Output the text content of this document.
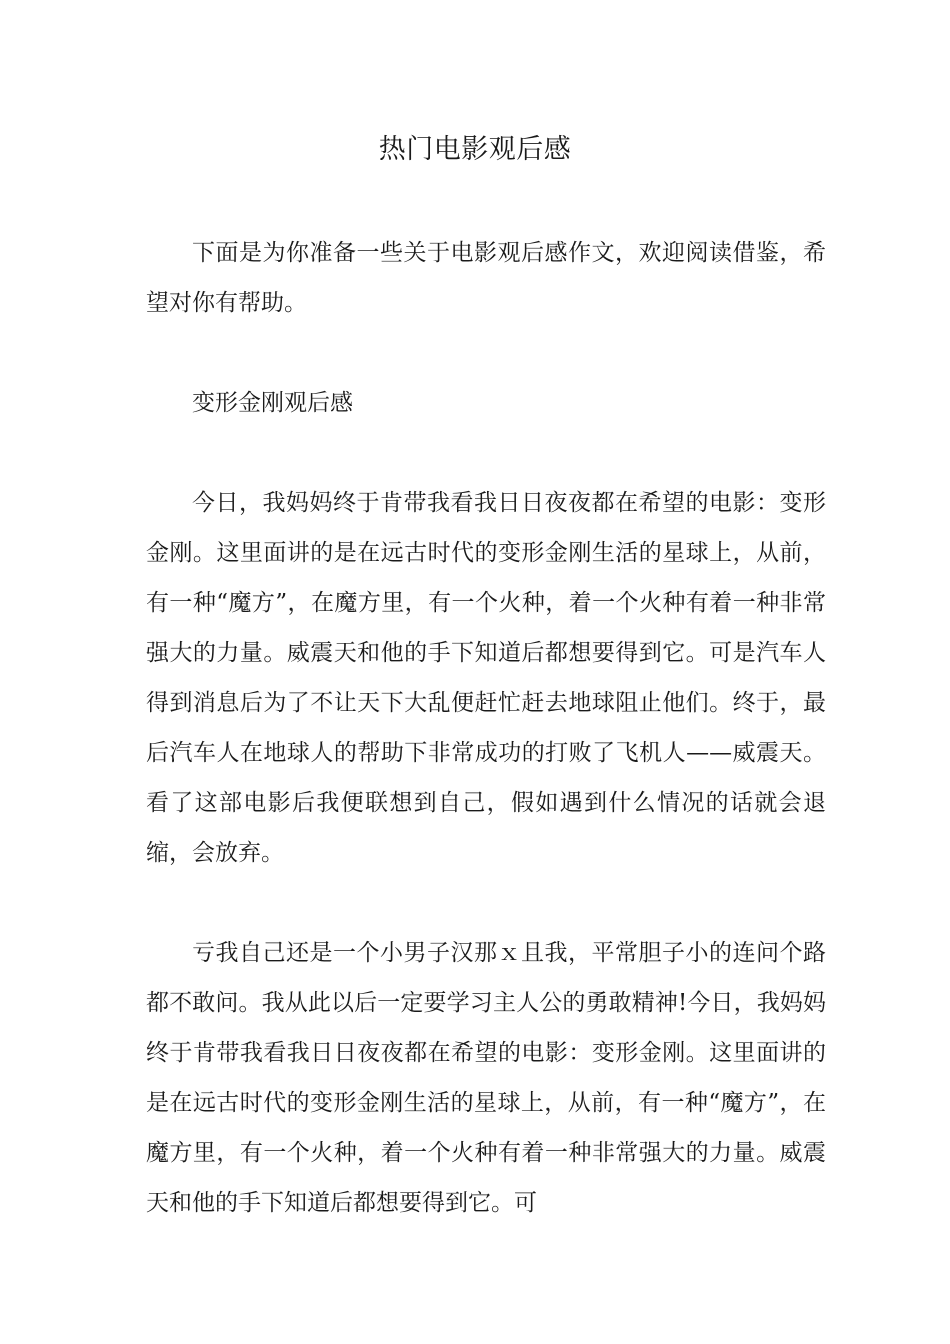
热门电影观后感

下面是为你准备一些关于电影观后感作文，欢迎阅读借鉴，希望对你有帮助。

变形金刚观后感

今日，我妈妈终于肯带我看我日日夜夜都在希望的电影：变形金刚。这里面讲的是在远古时代的变形金刚生活的星球上，从前，有一种“魔方”，在魔方里，有一个火种，着一个火种有着一种非常强大的力量。威震天和他的手下知道后都想要得到它。可是汽车人得到消息后为了不让天下大乱便赶忙赶去地球阻止他们。终于，最后汽车人在地球人的帮助下非常成功的打败了飞机人——威震天。看了这部电影后我便联想到自己，假如遇到什么情况的话就会退缩，会放弃。

亏我自己还是一个小男子汉那ｘ且我，平常胆子小的连问个路都不敢问。我从此以后一定要学习主人公的勇敢精神!今日，我妈妈终于肯带我看我日日夜夜都在希望的电影：变形金刚。这里面讲的是在远古时代的变形金刚生活的星球上，从前，有一种“魔方”，在魔方里，有一个火种，着一个火种有着一种非常强大的力量。威震天和他的手下知道后都想要得到它。可
